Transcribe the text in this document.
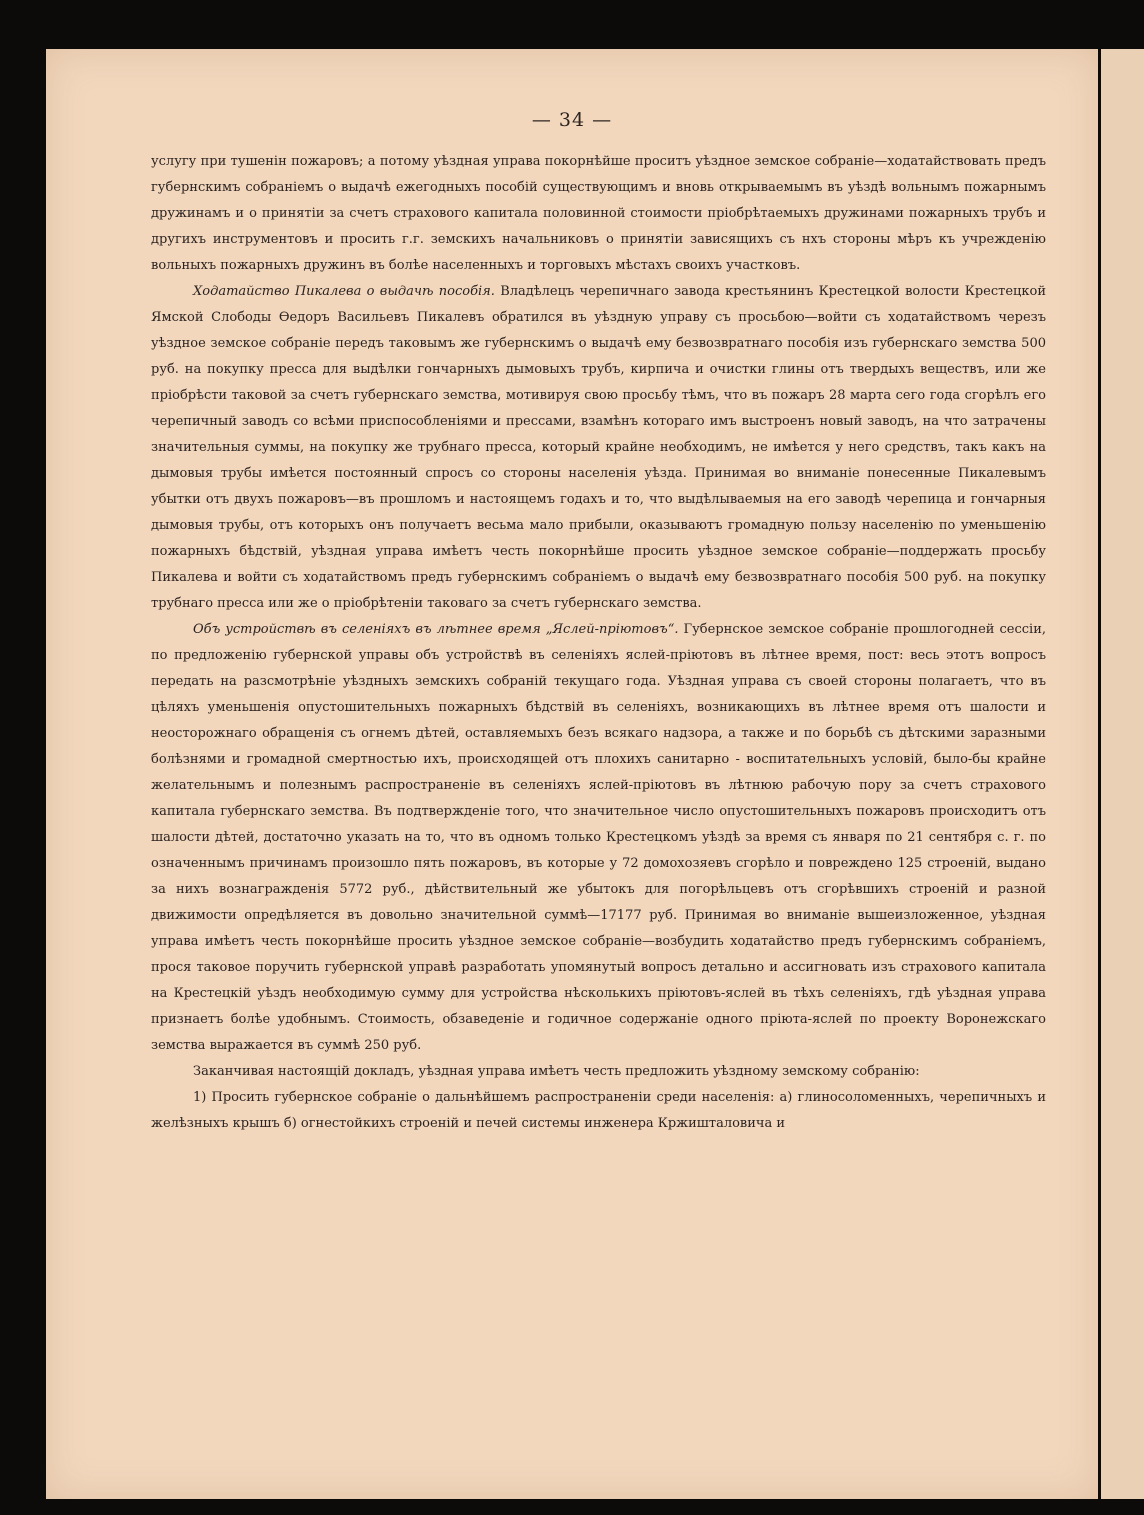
— 34 —

услугу при тушенін пожаровъ; а потому уѣздная управа покорнѣйше проситъ уѣздное земское собраніе—ходатайствовать предъ губернскимъ собраніемъ о выдачѣ ежегодныхъ пособій существующимъ и вновь открываемымъ въ уѣздѣ вольнымъ пожарнымъ дружинамъ и о принятіи за счетъ страхового капитала половинной стоимости пріобрѣтаемыхъ дружинами пожарныхъ трубъ и другихъ инструментовъ и просить г.г. земскихъ начальниковъ о принятіи зависящихъ съ нхъ стороны мѣръ къ учрежденію вольныхъ пожарныхъ дружинъ въ болѣе населенныхъ и торговыхъ мѣстахъ своихъ участковъ.

Ходатайство Пикалева о выдачѣ пособія. Владѣлецъ черепичнаго завода крестьянинъ Крестецкой волости Крестецкой Ямской Слободы Ѳедоръ Васильевъ Пикалевъ обратился въ уѣздную управу съ просьбою—войти съ ходатайствомъ черезъ уѣздное земское собраніе передъ таковымъ же губернскимъ о выдачѣ ему безвозвратнаго пособія изъ губернскаго земства 500 руб. на покупку пресса для выдѣлки гончарныхъ дымовыхъ трубъ, кирпича и очистки глины отъ твердыхъ веществъ, или же пріобрѣсти таковой за счетъ губернскаго земства, мотивируя свою просьбу тѣмъ, что въ пожаръ 28 марта сего года сгорѣлъ его черепичный заводъ со всѣми приспособленіями и прессами, взамѣнъ котораго имъ выстроенъ новый заводъ, на что затрачены значительныя суммы, на покупку же трубнаго пресса, который крайне необходимъ, не имѣется у него средствъ, такъ какъ на дымовыя трубы имѣется постоянный спросъ со стороны населенія уѣзда. Принимая во вниманіе понесенные Пикалевымъ убытки отъ двухъ пожаровъ—въ прошломъ и настоящемъ годахъ и то, что выдѣлываемыя на его заводѣ черепица и гончарныя дымовыя трубы, отъ которыхъ онъ получаетъ весьма мало прибыли, оказываютъ громадную пользу населенію по уменьшенію пожарныхъ бѣдствій, уѣздная управа имѣетъ честь покорнѣйше просить уѣздное земское собраніе—поддержать просьбу Пикалева и войти съ ходатайствомъ предъ губернскимъ собраніемъ о выдачѣ ему безвозвратнаго пособія 500 руб. на покупку трубнаго пресса или же о пріобрѣтеніи таковаго за счетъ губернскаго земства.

Объ устройствѣ въ селеніяхъ въ лѣтнее время „Яслей-пріютовъ“. Губернское земское собраніе прошлогодней сессіи, по предложенію губернской управы объ устройствѣ въ селеніяхъ яслей-пріютовъ въ лѣтнее время, пост: весь этотъ вопросъ передать на разсмотрѣніе уѣздныхъ земскихъ собраній текущаго года. Уѣздная управа съ своей стороны полагаетъ, что въ цѣляхъ уменьшенія опустошительныхъ пожарныхъ бѣдствій въ селеніяхъ, возникающихъ въ лѣтнее время отъ шалости и неосторожнаго обращенія съ огнемъ дѣтей, оставляемыхъ безъ всякаго надзора, а также и по борьбѣ съ дѣтскими заразными болѣзнями и громадной смертностью ихъ, происходящей отъ плохихъ санитарно - воспитательныхъ условій, было-бы крайне желательнымъ и полезнымъ распространеніе въ селеніяхъ яслей-пріютовъ въ лѣтнюю рабочую пору за счетъ страхового капитала губернскаго земства. Въ подтвержденіе того, что значительное число опустошительныхъ пожаровъ происходитъ отъ шалости дѣтей, достаточно указать на то, что въ одномъ только Крестецкомъ уѣздѣ за время съ января по 21 сентября с. г. по означеннымъ причинамъ произошло пять пожаровъ, въ которые у 72 домохозяевъ сгорѣло и повреждено 125 строеній, выдано за нихъ вознагражденія 5772 руб., дѣйствительный же убытокъ для погорѣльцевъ отъ сгорѣвшихъ строеній и разной движимости опредѣляется въ довольно значительной суммѣ—17177 руб. Принимая во вниманіе вышеизложенное, уѣздная управа имѣетъ честь покорнѣйше просить уѣздное земское собраніе—возбудить ходатайство предъ губернскимъ собраніемъ, прося таковое поручить губернской управѣ разработать упомянутый вопросъ детально и ассигновать изъ страхового капитала на Крестецкій уѣздъ необходимую сумму для устройства нѣсколькихъ пріютовъ-яслей въ тѣхъ селеніяхъ, гдѣ уѣздная управа признаетъ болѣе удобнымъ. Стоимость, обзаведеніе и годичное содержаніе одного пріюта-яслей по проекту Воронежскаго земства выражается въ суммѣ 250 руб.

Заканчивая настоящій докладъ, уѣздная управа имѣетъ честь предложить уѣздному земскому собранію:

1) Просить губернское собраніе о дальнѣйшемъ распространеніи среди населенія: а) глиносоломенныхъ, черепичныхъ и желѣзныхъ крышъ б) огнестойкихъ строеній и печей системы инженера Кржишталовича и
